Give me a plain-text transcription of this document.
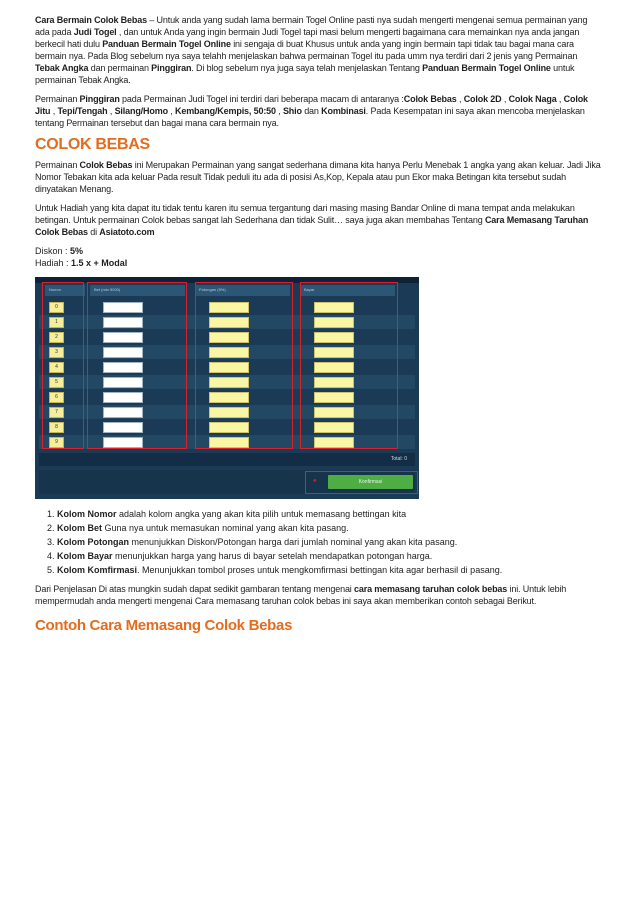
Cara Bermain Colok Bebas – Untuk anda yang sudah lama bermain Togel Online pasti nya sudah mengerti mengenai semua permainan yang ada pada Judi Togel , dan untuk Anda yang ingin bermain Judi Togel tapi masi belum mengerti bagaimana cara memainkan nya anda jangan berkecil hati dulu Panduan Bermain Togel Online ini sengaja di buat Khusus untuk anda yang ingin bermain tapi tidak tau bagai mana cara bermain nya. Pada Blog sebelum nya saya telahh menjelaskan bahwa permainan Togel itu pada umm nya terdiri dari 2 jenis yang Permainan Tebak Angka dan permainan Pinggiran. Di blog sebelum nya juga saya telah menjelaskan Tentang Panduan Bermain Togel Online untuk permainan Tebak Angka.

Permainan Pinggiran pada Permainan Judi Togel ini terdiri dari beberapa macam di antaranya :Colok Bebas , Colok 2D , Colok Naga , Colok Jitu , Tepi/Tengah , Silang/Homo , Kembang/Kempis, 50:50 , Shio dan Kombinasi. Pada Kesempatan ini saya akan mencoba menjelaskan tentang Permainan tersebut dan bagai mana cara bermain nya.

COLOK BEBAS

Permainan Colok Bebas ini Merupakan Permainan yang sangat sederhana dimana kita hanya Perlu Menebak 1 angka yang akan keluar. Jadi Jika Nomor Tebakan kita ada keluar Pada result Tidak peduli itu ada di posisi As,Kop, Kepala atau pun Ekor maka Betingan kita tersebut sudah dinyatakan Menang.

Untuk Hadiah yang kita dapat itu tidak tentu karen itu semua tergantung dari masing masing Bandar Online di mana tempat anda melakukan betingan. Untuk permainan Colok bebas sangat lah Sederhana dan tidak Sulit… saya juga akan membahas Tentang Cara Memasang Taruhan Colok Bebas di Asiatoto.com

Diskon : 5%
Hadiah : 1.5 x + Modal
Nomor	Bet (min 5000)	Potongan (5%)	Bayar
0
1
2
3
4
5
6
7
8
9
Total: 0
●	Konfirmasi
1. Kolom Nomor adalah kolom angka yang akan kita pilih untuk memasang bettingan kita
2. Kolom Bet Guna nya untuk memasukan nominal yang akan kita pasang.
3. Kolom Potongan menunjukkan Diskon/Potongan harga dari jumlah nominal yang akan kita pasang.
4. Kolom Bayar menunjukkan harga yang harus di bayar setelah mendapatkan potongan harga.
5. Kolom Komfirmasi. Menunjukkan tombol proses untuk mengkomfirmasi bettingan kita agar berhasil di pasang.

Dari Penjelasan Di atas mungkin sudah dapat sedikit gambaran tentang mengenai cara memasang taruhan colok bebas ini. Untuk lebih mempermudah anda mengerti mengenai Cara memasang taruhan colok bebas ini saya akan memberikan contoh sebagai Berikut.

Contoh Cara Memasang Colok Bebas
